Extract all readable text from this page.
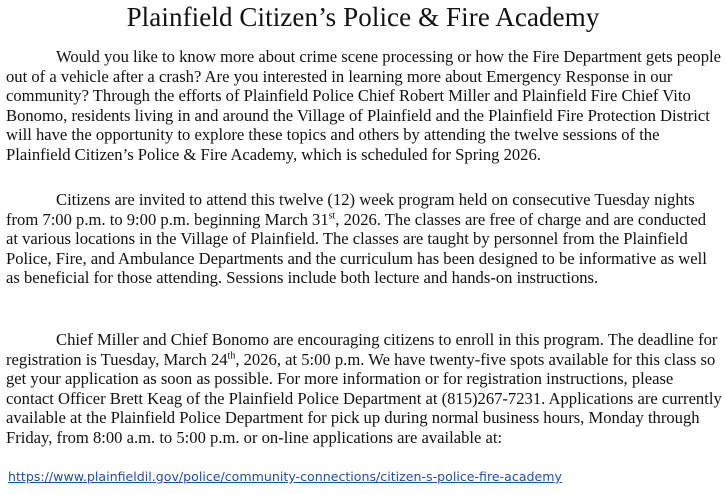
Plainfield Citizen’s Police & Fire Academy

Would you like to know more about crime scene processing or how the Fire Department gets people out of a vehicle after a crash? Are you interested in learning more about Emergency Response in our community? Through the efforts of Plainfield Police Chief Robert Miller and Plainfield Fire Chief Vito Bonomo, residents living in and around the Village of Plainfield and the Plainfield Fire Protection District will have the opportunity to explore these topics and others by attending the twelve sessions of the Plainfield Citizen’s Police & Fire Academy, which is scheduled for Spring 2026.

Citizens are invited to attend this twelve (12) week program held on consecutive Tuesday nights from 7:00 p.m. to 9:00 p.m. beginning March 31st, 2026. The classes are free of charge and are conducted at various locations in the Village of Plainfield. The classes are taught by personnel from the Plainfield Police, Fire, and Ambulance Departments and the curriculum has been designed to be informative as well as beneficial for those attending. Sessions include both lecture and hands-on instructions.

Chief Miller and Chief Bonomo are encouraging citizens to enroll in this program. The deadline for registration is Tuesday, March 24th, 2026, at 5:00 p.m. We have twenty-five spots available for this class so get your application as soon as possible. For more information or for registration instructions, please contact Officer Brett Keag of the Plainfield Police Department at (815)267-7231. Applications are currently available at the Plainfield Police Department for pick up during normal business hours, Monday through Friday, from 8:00 a.m. to 5:00 p.m. or on-line applications are available at:

https://www.plainfieldil.gov/police/community-connections/citizen-s-police-fire-academy
